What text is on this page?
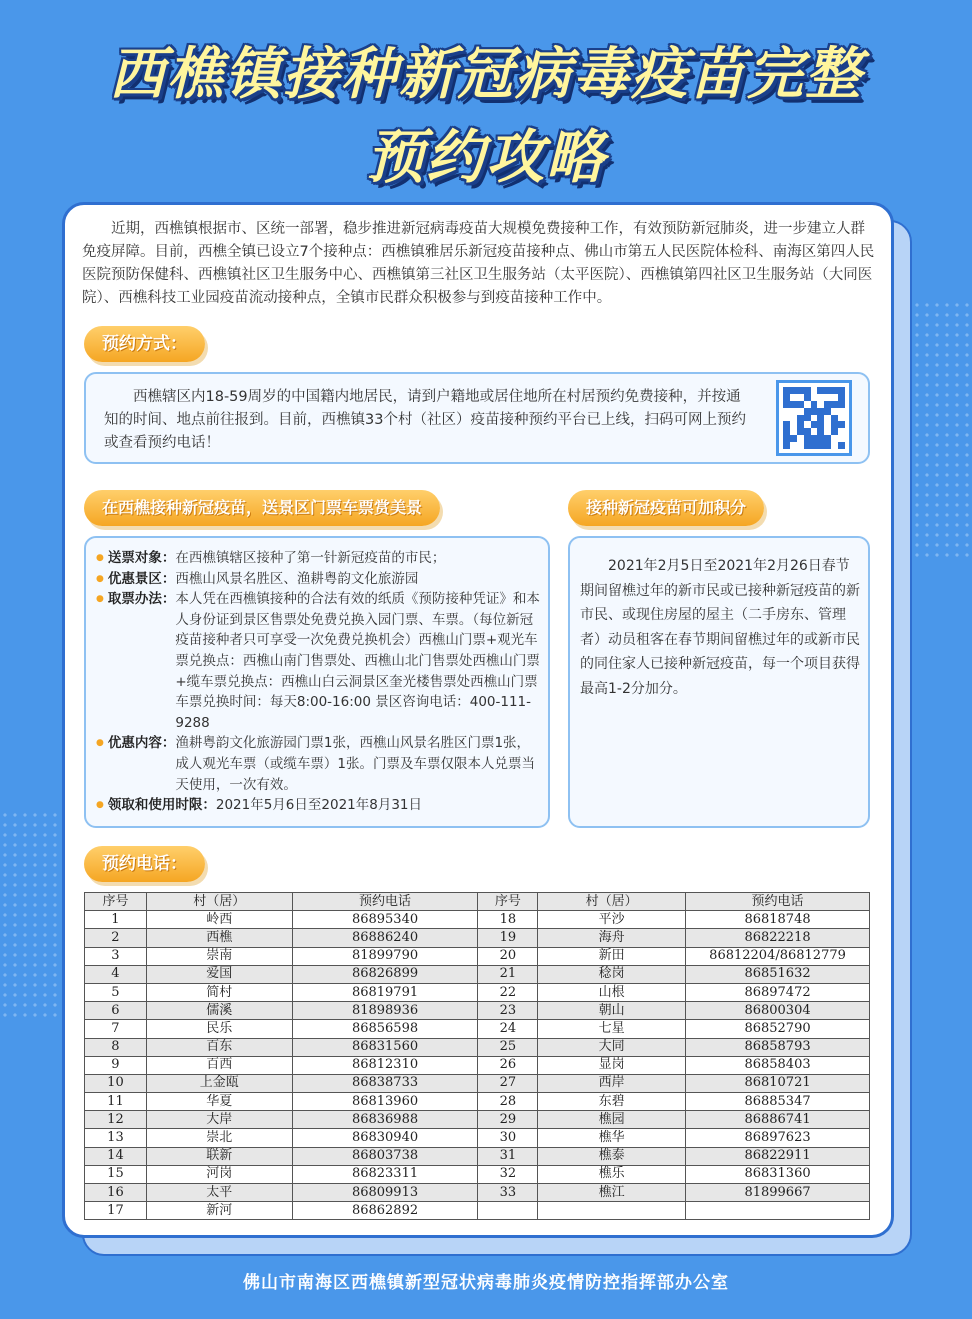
西樵镇接种新冠病毒疫苗完整
预约攻略

近期，西樵镇根据市、区统一部署，稳步推进新冠病毒疫苗大规模免费接种工作，有效预防新冠肺炎，进一步建立人群免疫屏障。目前，西樵全镇已设立7个接种点：西樵镇雅居乐新冠疫苗接种点、佛山市第五人民医院体检科、南海区第四人民医院预防保健科、西樵镇社区卫生服务中心、西樵镇第三社区卫生服务站（太平医院）、西樵镇第四社区卫生服务站（大同医院）、西樵科技工业园疫苗流动接种点，全镇市民群众积极参与到疫苗接种工作中。

预约方式：

西樵辖区内18-59周岁的中国籍内地居民，请到户籍地或居住地所在村居预约免费接种，并按通知的时间、地点前往报到。目前，西樵镇33个村（社区）疫苗接种预约平台已上线，扫码可网上预约或查看预约电话！

在西樵接种新冠疫苗，送景区门票车票赏美景
● 送票对象： 在西樵镇辖区接种了第一针新冠疫苗的市民；
● 优惠景区： 西樵山风景名胜区、渔耕粤韵文化旅游园
● 取票办法： 本人凭在西樵镇接种的合法有效的纸质《预防接种凭证》和本人身份证到景区售票处免费兑换入园门票、车票。（每位新冠疫苗接种者只可享受一次免费兑换机会）西樵山门票+观光车票兑换点：西樵山南门售票处、西樵山北门售票处西樵山门票+缆车票兑换点：西樵山白云洞景区奎光楼售票处西樵山门票车票兑换时间：每天8:00-16:00 景区咨询电话：400-111-9288
● 优惠内容： 渔耕粤韵文化旅游园门票1张，西樵山风景名胜区门票1张，成人观光车票（或缆车票）1张。门票及车票仅限本人兑票当天使用，一次有效。
● 领取和使用时限： 2021年5月6日至2021年8月31日
接种新冠疫苗可加积分

2021年2月5日至2021年2月26日春节期间留樵过年的新市民或已接种新冠疫苗的新市民、或现住房屋的屋主（二手房东、管理者）动员租客在春节期间留樵过年的或新市民的同住家人已接种新冠疫苗，每一个项目获得最高1-2分加分。

预约电话：
序号	村（居）	预约电话	序号	村（居）	预约电话
1	岭西	86895340	18	平沙	86818748
2	西樵	86886240	19	海舟	86822218
3	崇南	81899790	20	新田	86812204/86812779
4	爱国	86826899	21	稔岗	86851632
5	简村	86819791	22	山根	86897472
6	儒溪	81898936	23	朝山	86800304
7	民乐	86856598	24	七星	86852790
8	百东	86831560	25	大同	86858793
9	百西	86812310	26	显岗	86858403
10	上金瓯	86838733	27	西岸	86810721
11	华夏	86813960	28	东碧	86885347
12	大岸	86836988	29	樵园	86886741
13	崇北	86830940	30	樵华	86897623
14	联新	86803738	31	樵泰	86822911
15	河岗	86823311	32	樵乐	86831360
16	太平	86809913	33	樵江	81899667
17	新河	86862892			
佛山市南海区西樵镇新型冠状病毒肺炎疫情防控指挥部办公室
